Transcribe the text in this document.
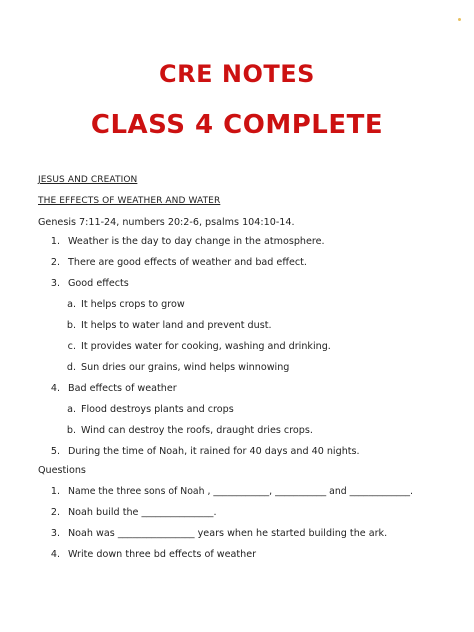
CRE NOTES
CLASS 4 COMPLETE
JESUS AND CREATION
THE EFFECTS OF WEATHER AND WATER
Genesis 7:11-24, numbers 20:2-6, psalms 104:10-14.
1. Weather is the day to day change in the atmosphere.
2. There are good effects of weather and bad effect.
3. Good effects
a. It helps crops to grow
b. It helps to water land and prevent dust.
c. It provides water for cooking, washing and drinking.
d. Sun dries our grains, wind helps winnowing
4. Bad effects of weather
a. Flood destroys plants and crops
b. Wind can destroy the roofs, draught dries crops.
5. During the time of Noah, it rained for 40 days and 40 nights.
Questions
1. Name the three sons of Noah , ____________, ___________ and _____________.
2. Noah build the _______________.
3. Noah was ________________ years when he started building the ark.
4. Write down three bd effects of weather
